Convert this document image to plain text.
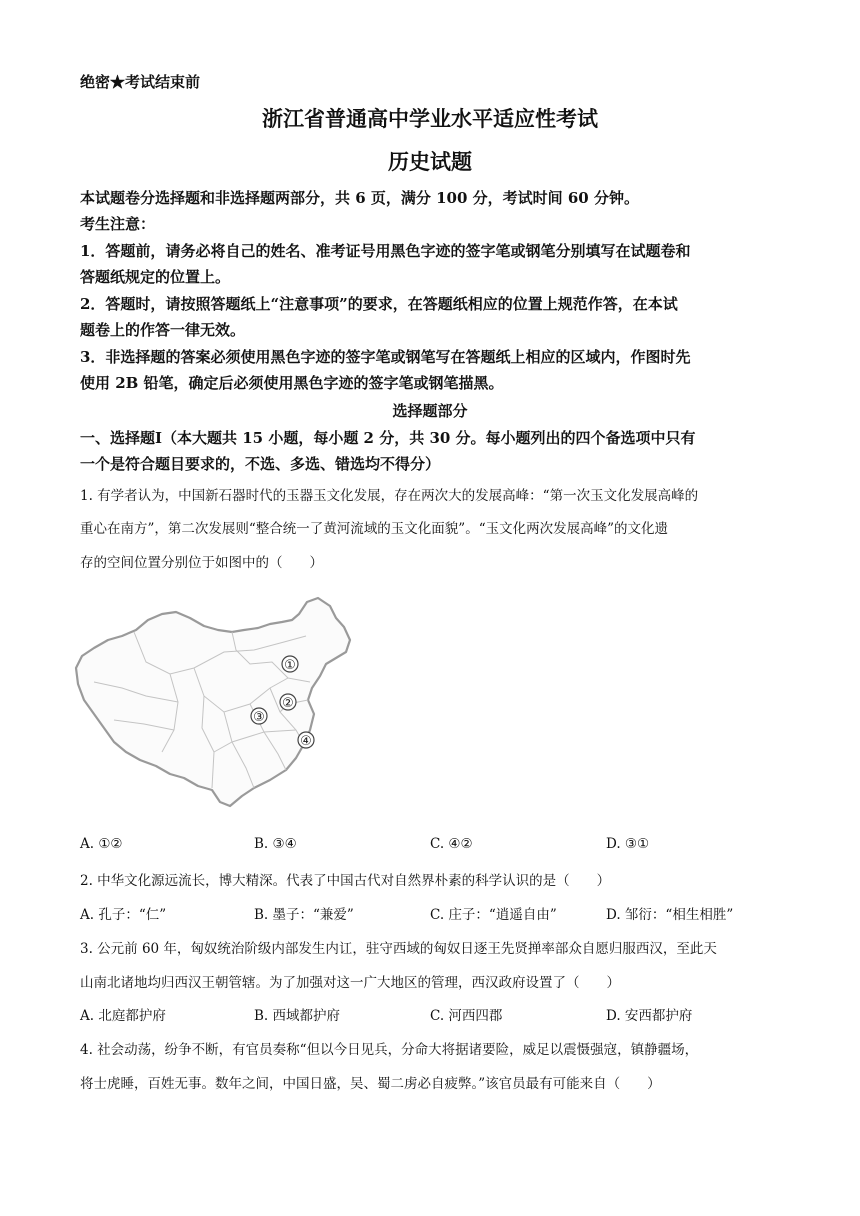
绝密★考试结束前
浙江省普通高中学业水平适应性考试
历史试题
本试题卷分选择题和非选择题两部分，共 6 页，满分 100 分，考试时间 60 分钟。
考生注意：
1．答题前，请务必将自己的姓名、准考证号用黑色字迹的签字笔或钢笔分别填写在试题卷和
答题纸规定的位置上。
2．答题时，请按照答题纸上“注意事项”的要求，在答题纸相应的位置上规范作答，在本试
题卷上的作答一律无效。
3．非选择题的答案必须使用黑色字迹的签字笔或钢笔写在答题纸上相应的区域内，作图时先
使用 2B 铅笔，确定后必须使用黑色字迹的签字笔或钢笔描黑。
选择题部分
一、选择题Ⅰ（本大题共 15 小题，每小题 2 分，共 30 分。每小题列出的四个备选项中只有
一个是符合题目要求的，不选、多选、错选均不得分）
1. 有学者认为，中国新石器时代的玉器玉文化发展，存在两次大的发展高峰：“第一次玉文化发展高峰的
重心在南方”，第二次发展则“整合统一了黄河流域的玉文化面貌”。“玉文化两次发展高峰”的文化遗
存的空间位置分别位于如图中的（　　）
①
②
③
④
A. ①②	B. ③④	C. ④②	D. ③①
2. 中华文化源远流长，博大精深。代表了中国古代对自然界朴素的科学认识的是（　　）
A. 孔子：“仁”	B. 墨子：“兼爱”	C. 庄子：“逍遥自由”	D. 邹衍：“相生相胜”
3. 公元前 60 年，匈奴统治阶级内部发生内讧，驻守西域的匈奴日逐王先贤掸率部众自愿归服西汉，至此天
山南北诸地均归西汉王朝管辖。为了加强对这一广大地区的管理，西汉政府设置了（　　）
A. 北庭都护府	B. 西域都护府	C. 河西四郡	D. 安西都护府
4. 社会动荡，纷争不断，有官员奏称“但以今日见兵，分命大将据诸要险，威足以震慑强寇，镇静疆场，
将士虎睡，百姓无事。数年之间，中国日盛，吴、蜀二虏必自疲弊。”该官员最有可能来自（　　）
